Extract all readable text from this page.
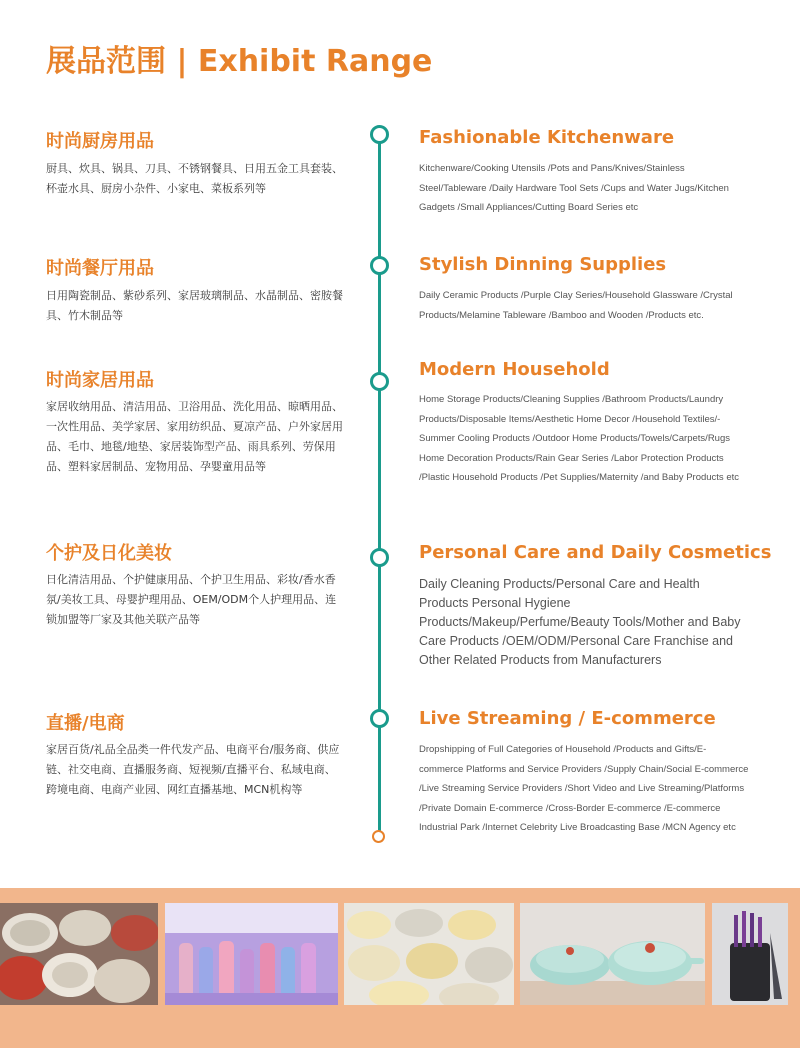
展品范围 | Exhibit Range
时尚厨房用品

厨具、炊具、锅具、刀具、不锈钢餐具、日用五金工具套装、杯壶水具、厨房小杂件、小家电、菜板系列等

Fashionable Kitchenware

Kitchenware/Cooking Utensils /Pots and Pans/Knives/Stainless Steel/Tableware /Daily Hardware Tool Sets /Cups and Water Jugs/Kitchen Gadgets /Small Appliances/Cutting Board Series etc

时尚餐厅用品

日用陶瓷制品、紫砂系列、家居玻璃制品、水晶制品、密胺餐具、竹木制品等

Stylish Dinning Supplies

Daily Ceramic Products /Purple Clay Series/Household Glassware /Crystal Products/Melamine Tableware /Bamboo and Wooden /Products etc.

时尚家居用品

家居收纳用品、清洁用品、卫浴用品、洗化用品、晾晒用品、一次性用品、美学家居、家用纺织品、夏凉产品、户外家居用品、毛巾、地毯/地垫、家居装饰型产品、雨具系列、劳保用品、塑料家居制品、宠物用品、孕婴童用品等

Modern Household

Home Storage Products/Cleaning Supplies /Bathroom Products/Laundry Products/Disposable Items/Aesthetic Home Decor /Household Textiles/- Summer Cooling Products /Outdoor Home Products/Towels/Carpets/Rugs Home Decoration Products/Rain Gear Series /Labor Protection Products /Plastic Household Products /Pet Supplies/Maternity /and Baby Products etc

个护及日化美妆

日化清洁用品、个护健康用品、个护卫生用品、彩妆/香水香氛/美妆工具、母婴护理用品、OEM/ODM个人护理用品、连锁加盟等厂家及其他关联产品等

Personal Care and Daily Cosmetics

Daily Cleaning Products/Personal Care and Health Products Personal Hygiene Products/Makeup/Perfume/Beauty Tools/Mother and Baby Care Products /OEM/ODM/Personal Care Franchise and Other Related Products from Manufacturers

直播/电商

家居百货/礼品全品类一件代发产品、电商平台/服务商、供应链、社交电商、直播服务商、短视频/直播平台、私域电商、跨境电商、电商产业园、网红直播基地、MCN机构等

Live Streaming / E-commerce

Dropshipping of Full Categories of Household /Products and Gifts/E-commerce Platforms and Service Providers /Supply Chain/Social E-commerce /Live Streaming Service Providers /Short Video and Live Streaming/Platforms /Private Domain E-commerce /Cross-Border E-commerce /E-commerce Industrial Park /Internet Celebrity Live Broadcasting Base /MCN Agency etc
